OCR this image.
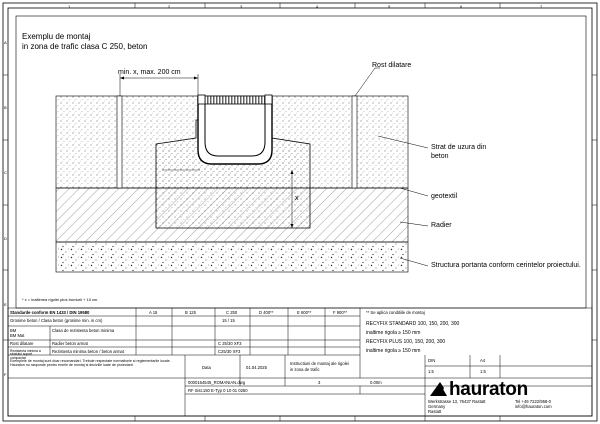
1	2	3	4	5	6	7
A
B
C
D
E
F
Exemplu de montaj
in zona de trafic clasa C 250, beton
min. x, max. 200 cm
Rost dilatare
Strat de uzura din
beton
geotextil
Radier
Structura portanta conform cerintelor proiectului.
x
* x = inaltimea rigolei plus bordurii + 10 cm
Standarde conform EN 1433 / DIN 19580	A 15	B 125	C 250	D 400**	E 600**	F 900**	** Se aplica conditiile de montaj
Grosime beton / Clasa beton (grosime min. in cm)	15 / 15
BM
BM Mat
Clasa de rezistenta beton minima
Radier beton armat	C 25/30 XF3
Rost dilatare
Rezistenta minima beton / beton armat	C25/30 XF3
Rezistenta minima a stratului suport compactat
Exemplele de montaj sunt doar recomandari. Trebuie respectate normativele si reglementarile locale. Hauraton nu raspunde pentru erorile de montaj si deciziile luate de proiectant.
RECYFIX STANDARD 100, 150, 200, 300
inaltime rigola ≥ 150 mm
RECYFIX PLUS 100, 150, 200, 300
inaltime rigola ≥ 150 mm
Data	01.04.2025
Instructiuni de montaj ale rigolei
in zona de trafic
0000164545_ROMANIAN.dwg	3	0.00m
RF Sist.150 E-Typ 0 10 01 0250
DIN	A4
1:5	1:5
hauraton
Werkstrasse 13, 76437 Rastatt
Germany
Rastatt
Tel +49 7222/958-0
info@hauraton.com
